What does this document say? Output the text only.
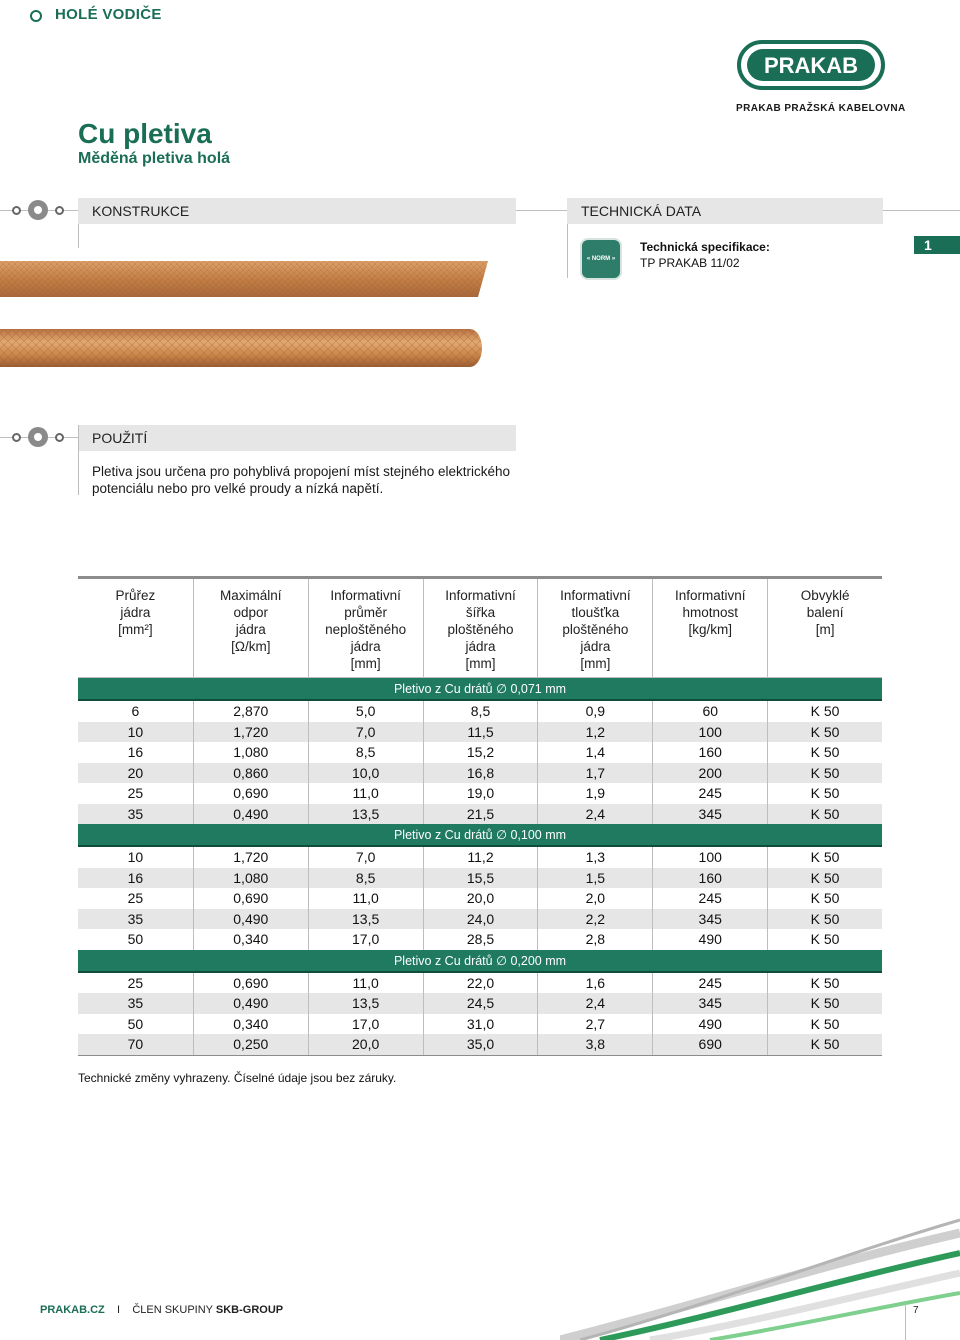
HOLÉ VODIČE
PRAKAB
PRAKAB PRAŽSKÁ KABELOVNA
Cu pletiva
Měděná pletiva holá
KONSTRUKCE	TECHNICKÁ DATA
« NORM »
Technická specifikace:
TP PRAKAB 11/02
1
POUŽITÍ
Pletiva jsou určena pro pohyblivá propojení míst stejného elektrického potenciálu nebo pro velké proudy a nízká napětí.
Průřez
jádra
[mm²]
Maximální
odpor
jádra
[Ω/km]
Informativní
průměr
neploštěného
jádra
[mm]
Informativní
šířka
ploštěného
jádra
[mm]
Informativní
tloušťka
ploštěného
jádra
[mm]
Informativní
hmotnost
[kg/km]
Obvyklé
balení
[m]
Pletivo z Cu drátů ∅ 0,071 mm
6	2,870	5,0	8,5	0,9	60	K 50
10	1,720	7,0	11,5	1,2	100	K 50
16	1,080	8,5	15,2	1,4	160	K 50
20	0,860	10,0	16,8	1,7	200	K 50
25	0,690	11,0	19,0	1,9	245	K 50
35	0,490	13,5	21,5	2,4	345	K 50
Pletivo z Cu drátů ∅ 0,100 mm
10	1,720	7,0	11,2	1,3	100	K 50
16	1,080	8,5	15,5	1,5	160	K 50
25	0,690	11,0	20,0	2,0	245	K 50
35	0,490	13,5	24,0	2,2	345	K 50
50	0,340	17,0	28,5	2,8	490	K 50
Pletivo z Cu drátů ∅ 0,200 mm
25	0,690	11,0	22,0	1,6	245	K 50
35	0,490	13,5	24,5	2,4	345	K 50
50	0,340	17,0	31,0	2,7	490	K 50
70	0,250	20,0	35,0	3,8	690	K 50
Technické změny vyhrazeny. Číselné údaje jsou bez záruky.
PRAKAB.CZ I ČLEN SKUPINY SKB-GROUP	7
